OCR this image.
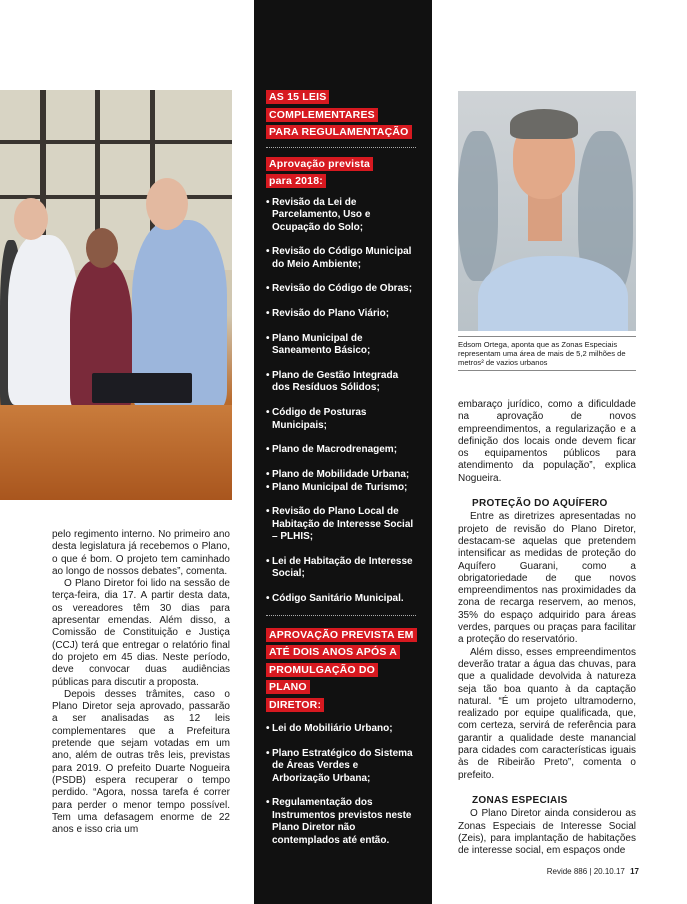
AS 15 LEIS
COMPLEMENTARES
PARA REGULAMENTAÇÃO
Aprovação prevista
para 2018:
• Revisão da Lei de Parcelamento, Uso e Ocupação do Solo;
• Revisão do Código Municipal do Meio Ambiente;
• Revisão do Código de Obras;
• Revisão do Plano Viário;
• Plano Municipal de Saneamento Básico;
• Plano de Gestão Integrada dos Resíduos Sólidos;
• Código de Posturas Municipais;
• Plano de Macrodrenagem;
• Plano de Mobilidade Urbana;
• Plano Municipal de Turismo;
• Revisão do Plano Local de Habitação de Interesse Social – PLHIS;
• Lei de Habitação de Interesse Social;
• Código Sanitário Municipal.
APROVAÇÃO PREVISTA EM
ATÉ DOIS ANOS APÓS A
PROMULGAÇÃO DO PLANO
DIRETOR:
• Lei do Mobiliário Urbano;
• Plano Estratégico do Sistema de Áreas Verdes e Arborização Urbana;
• Regulamentação dos Instrumentos previstos neste Plano Diretor não contemplados até então.

pelo regimento interno. No primeiro ano desta legislatura já recebemos o Plano, o que é bom. O projeto tem caminhado ao longo de nossos debates”, comenta.

O Plano Diretor foi lido na sessão de terça-feira, dia 17. A partir desta data, os vereadores têm 30 dias para apresentar emendas. Além disso, a Comissão de Constituição e Justiça (CCJ) terá que entregar o relatório final do projeto em 45 dias. Neste período, deve convocar duas audiências públicas para discutir a proposta.

Depois desses trâmites, caso o Plano Diretor seja aprovado, passarão a ser analisadas as 12 leis complementares que a Prefeitura pretende que sejam votadas em um ano, além de outras três leis, previstas para 2019. O prefeito Duarte Nogueira (PSDB) espera recuperar o tempo perdido. “Agora, nossa tarefa é correr para perder o menor tempo possível. Tem uma defasagem enorme de 22 anos e isso cria um

Edsom Ortega, aponta que as Zonas Especiais representam uma área de mais de 5,2 milhões de metros² de vazios urbanos

embaraço jurídico, como a dificuldade na aprovação de novos empreendimentos, a regularização e a definição dos locais onde devem ficar os equipamentos públicos para atendimento da população”, explica Nogueira.

PROTEÇÃO DO AQUÍFERO

Entre as diretrizes apresentadas no projeto de revisão do Plano Diretor, destacam-se aquelas que pretendem intensificar as medidas de proteção do Aquífero Guarani, como a obrigatoriedade de que novos empreendimentos nas proximidades da zona de recarga reservem, ao menos, 35% do espaço adquirido para áreas verdes, parques ou praças para facilitar a proteção do reservatório.

Além disso, esses empreendimentos deverão tratar a água das chuvas, para que a qualidade devolvida à natureza seja tão boa quanto à da captação natural. “É um projeto ultramoderno, realizado por equipe qualificada, que, com certeza, servirá de referência para garantir a qualidade deste manancial para cidades com características iguais às de Ribeirão Preto”, comenta o prefeito.

ZONAS ESPECIAIS

O Plano Diretor ainda considerou as Zonas Especiais de Interesse Social (Zeis), para implantação de habitações de interesse social, em espaços onde

Revide 886 | 20.10.17 17
